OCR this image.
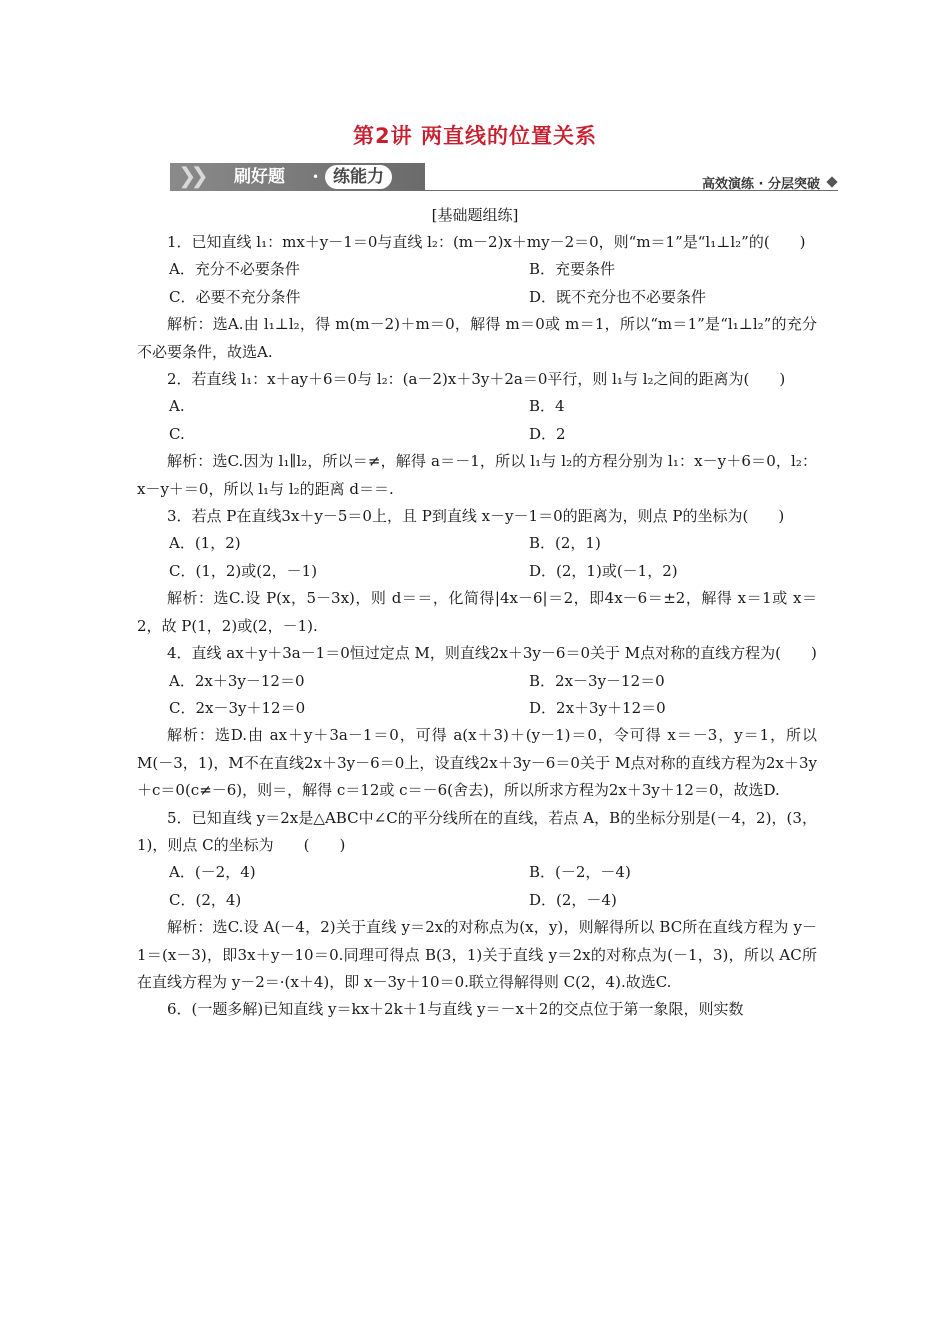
第2讲 两直线的位置关系
❯❯ 刷好题 • 练能力	高效演练 · 分层突破
[基础题组练]

1．已知直线 l₁：mx＋y－1＝0与直线 l₂：(m－2)x＋my－2＝0，则“m＝1”是“l₁⊥l₂”的(　　)

A．充分不必要条件	B．充要条件
C．必要不充分条件	D．既不充分也不必要条件

解析：选A.由 l₁⊥l₂，得 m(m－2)＋m＝0，解得 m＝0或 m＝1，所以“m＝1”是“l₁⊥l₂”的充分不必要条件，故选A.

2．若直线 l₁：x＋ay＋6＝0与 l₂：(a－2)x＋3y＋2a＝0平行，则 l₁与 l₂之间的距离为(　　)

A.	B．4
C.	D．2

解析：选C.因为 l₁∥l₂，所以＝≠，解得 a＝－1，所以 l₁与 l₂的方程分别为 l₁：x－y＋6＝0，l₂：x－y＋＝0，所以 l₁与 l₂的距离 d＝＝.

3．若点 P在直线3x＋y－5＝0上，且 P到直线 x－y－1＝0的距离为，则点 P的坐标为(　　)

A．(1，2)	B．(2，1)
C．(1，2)或(2，－1)	D．(2，1)或(－1，2)

解析：选C.设 P(x，5－3x)，则 d＝＝，化简得|4x－6|＝2，即4x－6＝±2，解得 x＝1或 x＝2，故 P(1，2)或(2，－1).

4．直线 ax＋y＋3a－1＝0恒过定点 M，则直线2x＋3y－6＝0关于 M点对称的直线方程为(　　)

A．2x＋3y－12＝0	B．2x－3y－12＝0
C．2x－3y＋12＝0	D．2x＋3y＋12＝0

解析：选D.由 ax＋y＋3a－1＝0，可得 a(x＋3)＋(y－1)＝0，令可得 x＝－3，y＝1，所以 M(－3，1)，M不在直线2x＋3y－6＝0上，设直线2x＋3y－6＝0关于 M点对称的直线方程为2x＋3y＋c＝0(c≠－6)，则＝，解得 c＝12或 c＝－6(舍去)，所以所求方程为2x＋3y＋12＝0，故选D.

5．已知直线 y＝2x是△ABC中∠C的平分线所在的直线，若点 A，B的坐标分别是(－4，2)，(3，1)，则点 C的坐标为　　(　　)

A．(－2，4)	B．(－2，－4)
C．(2，4)	D．(2，－4)

解析：选C.设 A(－4，2)关于直线 y＝2x的对称点为(x，y)，则解得所以 BC所在直线方程为 y－1＝(x－3)，即3x＋y－10＝0.同理可得点 B(3，1)关于直线 y＝2x的对称点为(－1，3)，所以 AC所在直线方程为 y－2＝·(x＋4)，即 x－3y＋10＝0.联立得解得则 C(2，4).故选C.

6．(一题多解)已知直线 y＝kx＋2k＋1与直线 y＝－x＋2的交点位于第一象限，则实数
